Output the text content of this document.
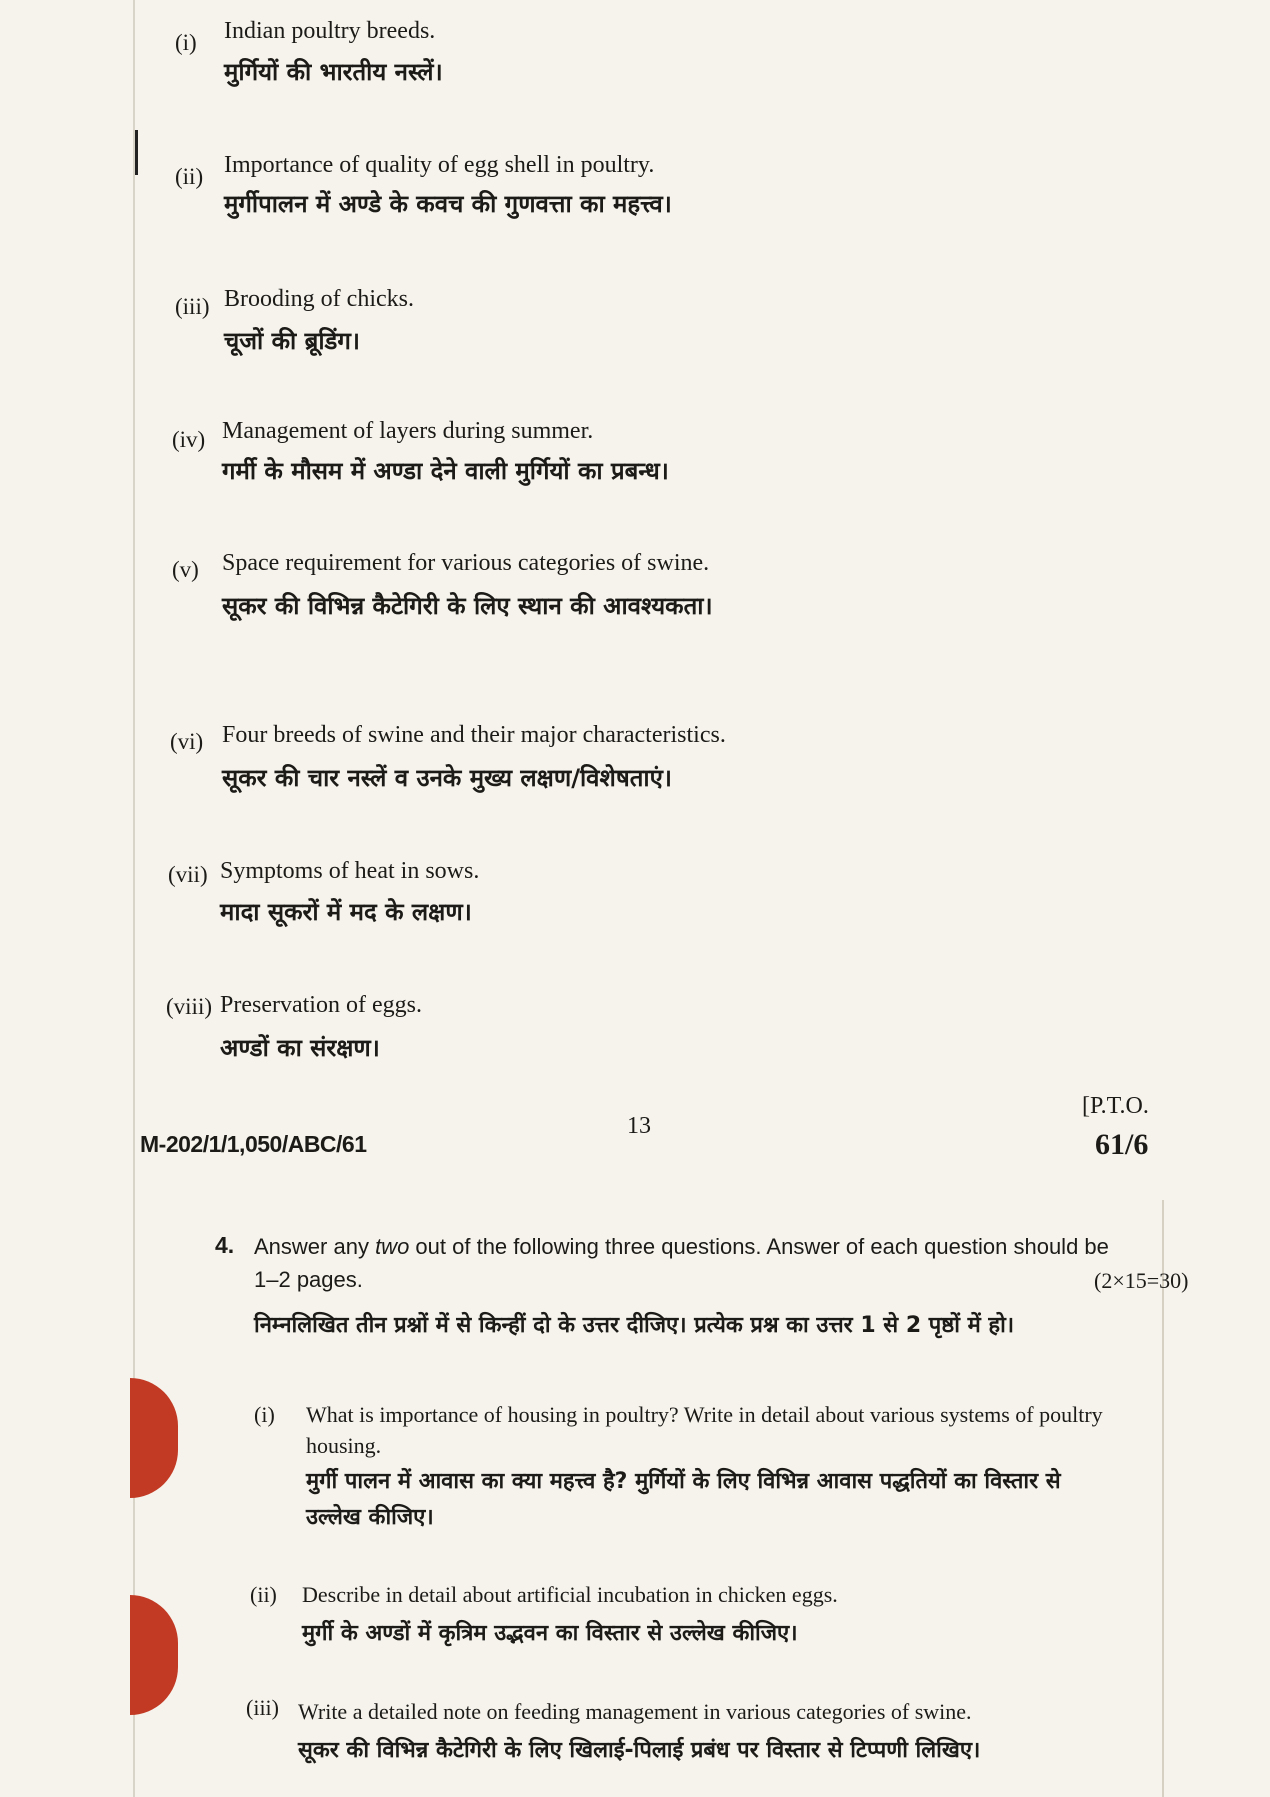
(i) Indian poultry breeds.
मुर्गियों की भारतीय नस्लें।
(ii) Importance of quality of egg shell in poultry.
मुर्गीपालन में अण्डे के कवच की गुणवत्ता का महत्त्व।
(iii) Brooding of chicks.
चूजों की ब्रूडिंग।
(iv) Management of layers during summer.
गर्मी के मौसम में अण्डा देने वाली मुर्गियों का प्रबन्ध।
(v) Space requirement for various categories of swine.
सूकर की विभिन्न कैटेगिरी के लिए स्थान की आवश्यकता।
(vi) Four breeds of swine and their major characteristics.
सूकर की चार नस्लें व उनके मुख्य लक्षण/विशेषताएं।
(vii) Symptoms of heat in sows.
मादा सूकरों में मद के लक्षण।
(viii) Preservation of eggs.
अण्डों का संरक्षण।
M-202/1/1,050/ABC/61
13
[P.T.O.
61/6
4. Answer any two out of the following three questions. Answer of each question should be
1–2 pages.	(2×15=30)
निम्नलिखित तीन प्रश्नों में से किन्हीं दो के उत्तर दीजिए। प्रत्येक प्रश्न का उत्तर 1 से 2 पृष्ठों में हो।
(i) What is importance of housing in poultry? Write in detail about various systems of poultry
housing.
मुर्गी पालन में आवास का क्या महत्त्व है? मुर्गियों के लिए विभिन्न आवास पद्धतियों का विस्तार से
उल्लेख कीजिए।
(ii) Describe in detail about artificial incubation in chicken eggs.
मुर्गी के अण्डों में कृत्रिम उद्भवन का विस्तार से उल्लेख कीजिए।
(iii) Write a detailed note on feeding management in various categories of swine.
सूकर की विभिन्न कैटेगिरी के लिए खिलाई-पिलाई प्रबंध पर विस्तार से टिप्पणी लिखिए।
